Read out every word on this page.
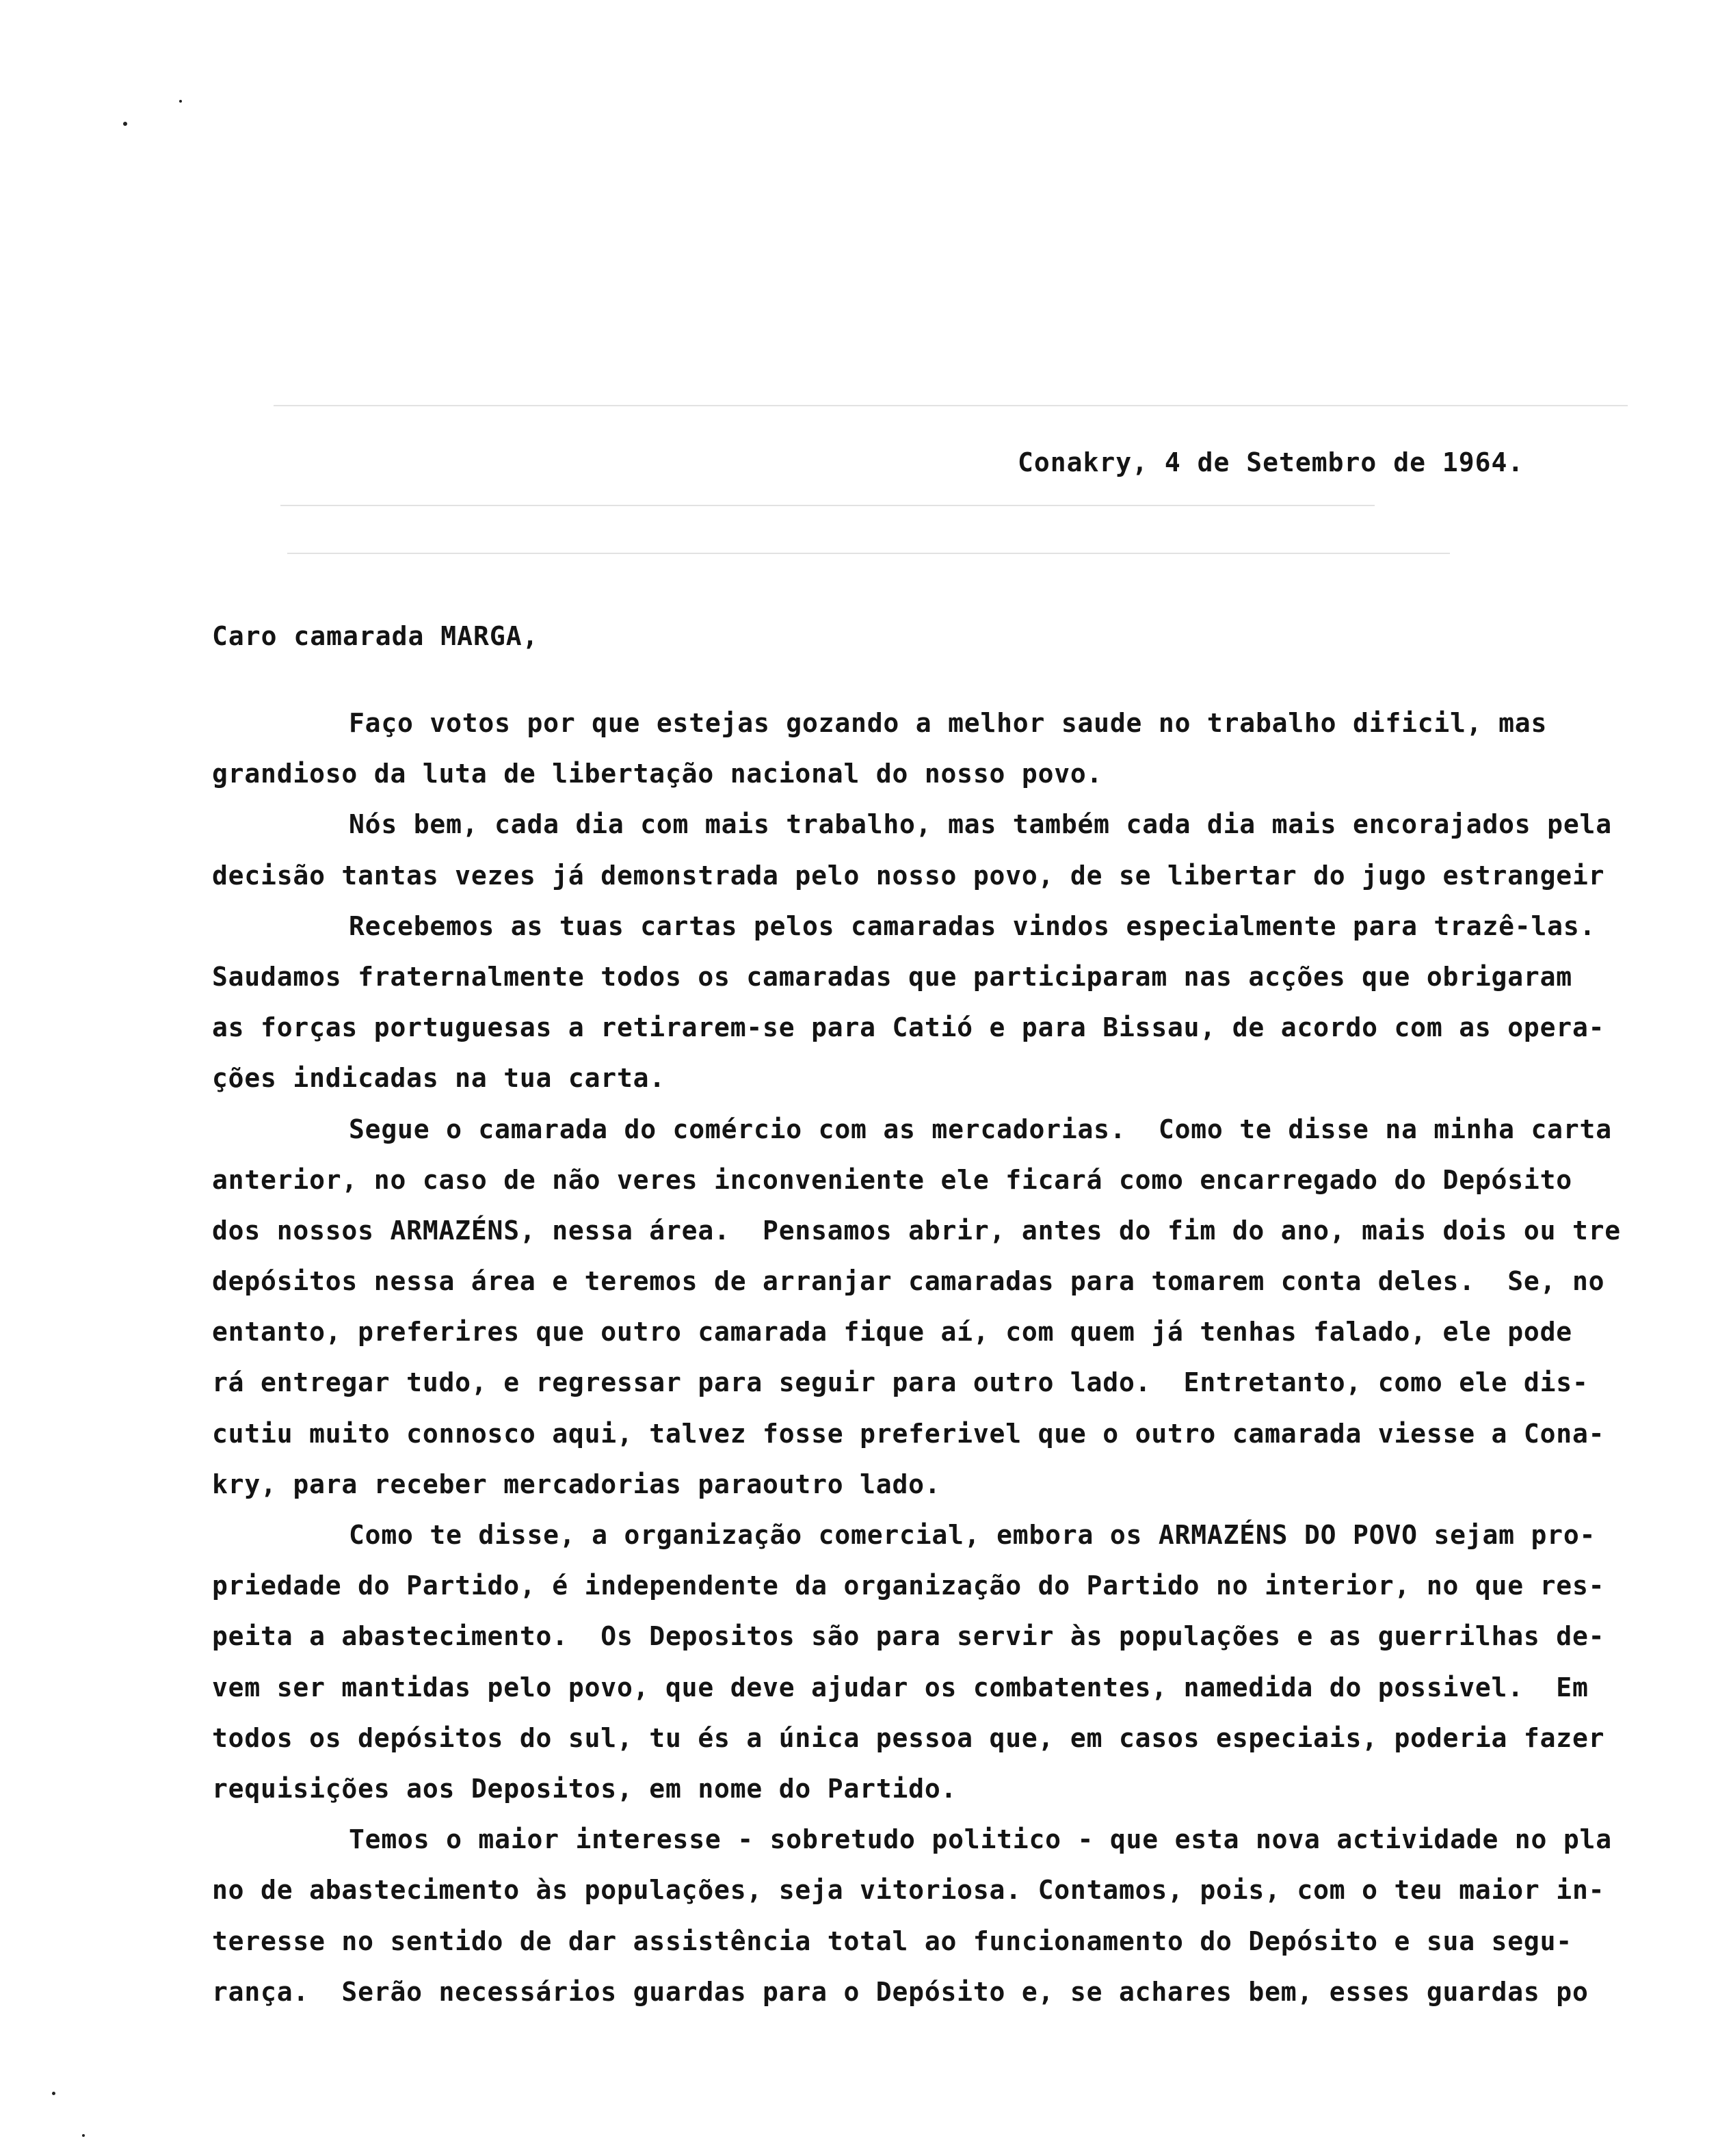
Conakry, 4 de Setembro de 1964.
Caro camarada MARGA,
Faço votos por que estejas gozando a melhor saude no trabalho dificil, mas
grandioso da luta de libertação nacional do nosso povo.
Nós bem, cada dia com mais trabalho, mas também cada dia mais encorajados pela
decisão tantas vezes já demonstrada pelo nosso povo, de se libertar do jugo estrangeir
Recebemos as tuas cartas pelos camaradas vindos especialmente para trazê-las.
Saudamos fraternalmente todos os camaradas que participaram nas acções que obrigaram
as forças portuguesas a retirarem-se para Catió e para Bissau, de acordo com as opera-
ções indicadas na tua carta.
Segue o camarada do comércio com as mercadorias.  Como te disse na minha carta
anterior, no caso de não veres inconveniente ele ficará como encarregado do Depósito
dos nossos ARMAZÉNS, nessa área.  Pensamos abrir, antes do fim do ano, mais dois ou tre
depósitos nessa área e teremos de arranjar camaradas para tomarem conta deles.  Se, no
entanto, preferires que outro camarada fique aí, com quem já tenhas falado, ele pode
rá entregar tudo, e regressar para seguir para outro lado.  Entretanto, como ele dis-
cutiu muito connosco aqui, talvez fosse preferivel que o outro camarada viesse a Cona-
kry, para receber mercadorias paraoutro lado.
Como te disse, a organização comercial, embora os ARMAZÉNS DO POVO sejam pro-
priedade do Partido, é independente da organização do Partido no interior, no que res-
peita a abastecimento.  Os Depositos são para servir às populações e as guerrilhas de-
vem ser mantidas pelo povo, que deve ajudar os combatentes, namedida do possivel.  Em
todos os depósitos do sul, tu és a única pessoa que, em casos especiais, poderia fazer
requisições aos Depositos, em nome do Partido.
Temos o maior interesse - sobretudo politico - que esta nova actividade no pla
no de abastecimento às populações, seja vitoriosa. Contamos, pois, com o teu maior in-
teresse no sentido de dar assistência total ao funcionamento do Depósito e sua segu-
rança.  Serão necessários guardas para o Depósito e, se achares bem, esses guardas po
